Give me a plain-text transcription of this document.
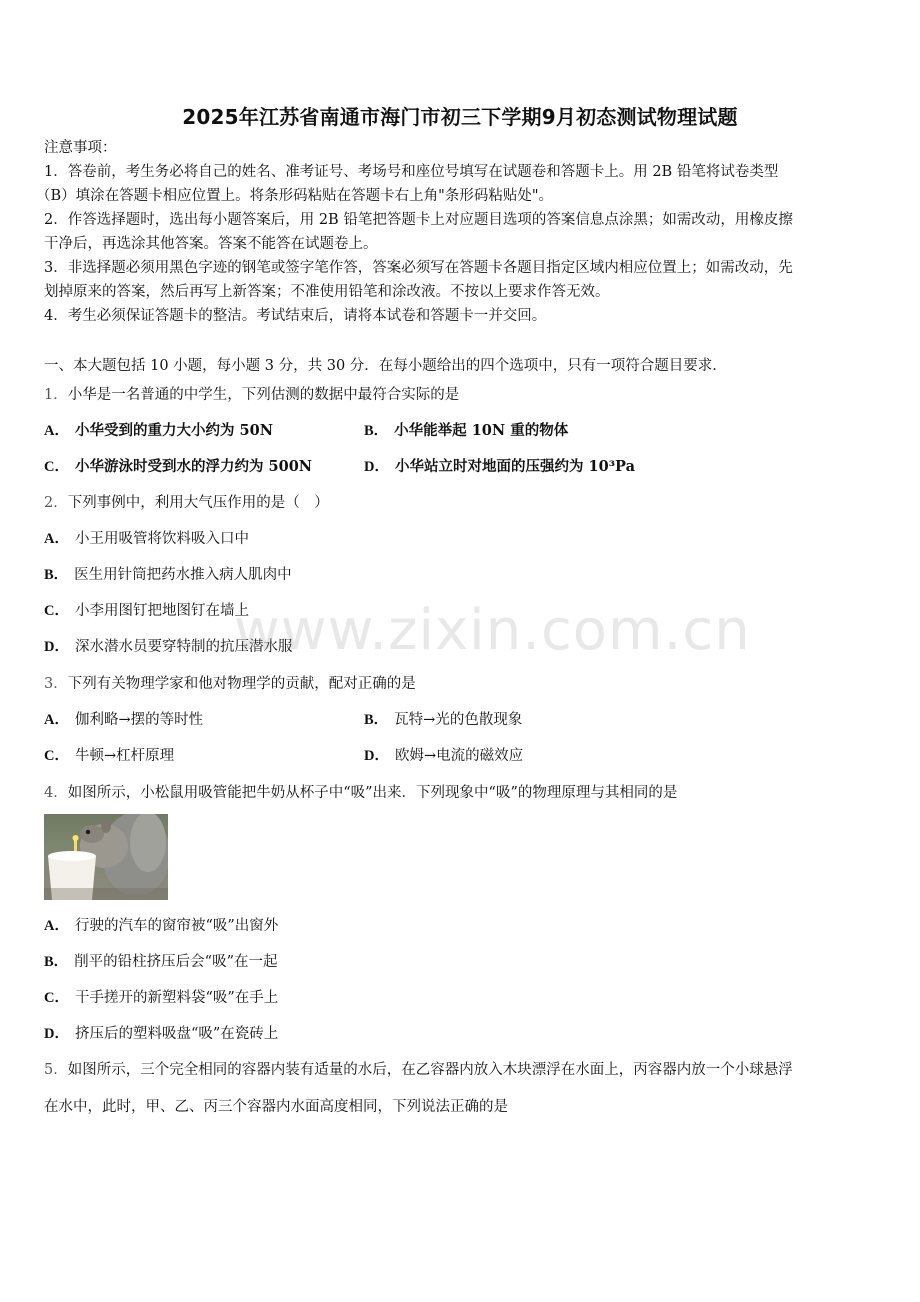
2025年江苏省南通市海门市初三下学期9月初态测试物理试题
注意事项：
1．答卷前，考生务必将自己的姓名、准考证号、考场号和座位号填写在试题卷和答题卡上。用 2B 铅笔将试卷类型
（B）填涂在答题卡相应位置上。将条形码粘贴在答题卡右上角"条形码粘贴处"。
2．作答选择题时，选出每小题答案后，用 2B 铅笔把答题卡上对应题目选项的答案信息点涂黑；如需改动，用橡皮擦
干净后，再选涂其他答案。答案不能答在试题卷上。
3．非选择题必须用黑色字迹的钢笔或签字笔作答，答案必须写在答题卡各题目指定区域内相应位置上；如需改动，先
划掉原来的答案，然后再写上新答案；不准使用铅笔和涂改液。不按以上要求作答无效。
4．考生必须保证答题卡的整洁。考试结束后，请将本试卷和答题卡一并交回。
一、本大题包括 10 小题，每小题 3 分，共 30 分．在每小题给出的四个选项中，只有一项符合题目要求．
1．小华是一名普通的中学生，下列估测的数据中最符合实际的是
A． 小华受到的重力大小约为 50N	B． 小华能举起 10N 重的物体
C． 小华游泳时受到水的浮力约为 500N	D． 小华站立时对地面的压强约为 10³Pa
2．下列事例中，利用大气压作用的是（　）
A． 小王用吸管将饮料吸入口中
B． 医生用针筒把药水推入病人肌肉中
C． 小李用图钉把地图钉在墙上
D． 深水潜水员要穿特制的抗压潜水服
3．下列有关物理学家和他对物理学的贡献，配对正确的是
A． 伽利略→摆的等时性	B． 瓦特→光的色散现象
C． 牛顿→杠杆原理	D． 欧姆→电流的磁效应
4．如图所示，小松鼠用吸管能把牛奶从杯子中“吸”出来．下列现象中“吸”的物理原理与其相同的是
A． 行驶的汽车的窗帘被“吸”出窗外
B． 削平的铅柱挤压后会“吸”在一起
C． 干手搓开的新塑料袋“吸”在手上
D． 挤压后的塑料吸盘“吸”在瓷砖上
5．如图所示，三个完全相同的容器内装有适量的水后，在乙容器内放入木块漂浮在水面上，丙容器内放一个小球悬浮
在水中，此时，甲、乙、丙三个容器内水面高度相同，下列说法正确的是
www.zixin.com.cn
